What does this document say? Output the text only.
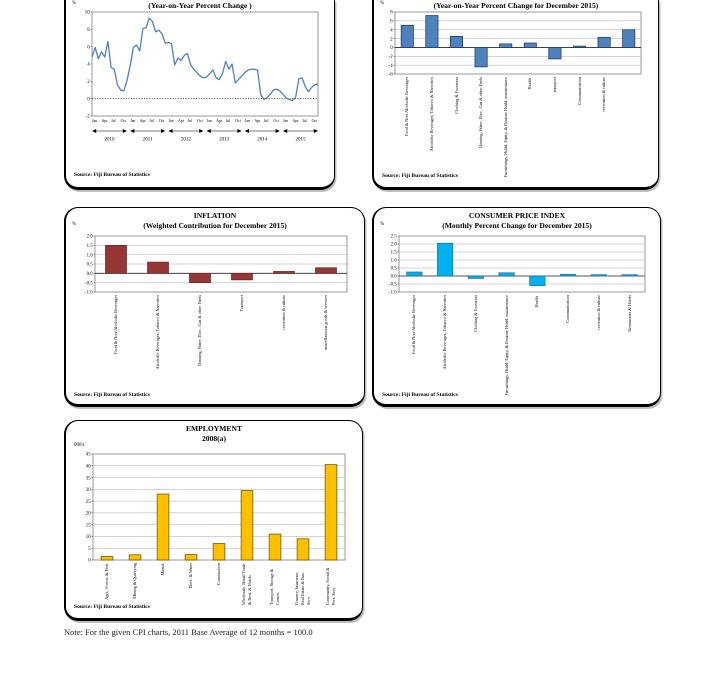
(Year-on-Year Percent Change )
%
10
8
6
4
2
0
-2
Jan Apr Jul Oct
2010
Jan Apr Jul Oct
2011
Jan Apr Jul Oct
2012
Jan Apr Jul Oct
2013
Jan Apr Jul Oct
2014
Jan Apr Jul Oct
2015
Source: Fiji Bureau of Statistics
(Year-on-Year Percent Change for December 2015)
%
8
6
4
2
0
-2
-4
-6
Food & Non-Alcoholic Beverages	Alcoholic Beverages, Tobacco & Narcotics	Clothing & Footwear	Housing, Water, Elec., Gas & other Fuels	Furnishings, Hshld. Equip. & Routine Hshld. maintenance	Health	transport	Communication	recreation & culture
Source: Fiji Bureau of Statistics
INFLATION
(Weighted Contribution for December 2015)
%
2.0
1.5
1.0
0.5
0.0
-0.5
-1.0
Food & Non-Alcoholic Beverages	Alcoholic Beverages, Tobacco & Narcotics	Housing, Water, Elec., Gas & other Fuels	Transport	recreation & culture	miscellaneous goods & services
Source: Fiji Bureau of Statistics
CONSUMER PRICE INDEX
(Monthly Percent Change for December 2015)
%
2.5
2.0
1.5
1.0
0.5
0.0
-0.5
-1.0
Food & Non-Alcoholic Beverages	Alcoholic Beverages, Tobacco & Narcotics	Clothing & Footwear	Furnishings, Hshld. Equip. & Routine Hshld. maintenance	Health	Communication	recreation & culture	Restaurants & Hotels
Source: Fiji Bureau of Statistics
EMPLOYMENT
2008(a)
000's
45
40
35
30
25
20
15
10
5
0
Agri., Forest. & Fish.	Mining & Quarrying	Manuf.	Elect. & Water	Construction	Wholesale, Retail Trade & Rest. & Hotels	Transport, Storage & Comm.	Finance, Insurance, Real Estate & Bus. Serv.	Community, Social & Pers. Serv.
Source: Fiji Bureau of Statistics
Note: For the given CPI charts, 2011 Base Average of 12 months = 100.0
